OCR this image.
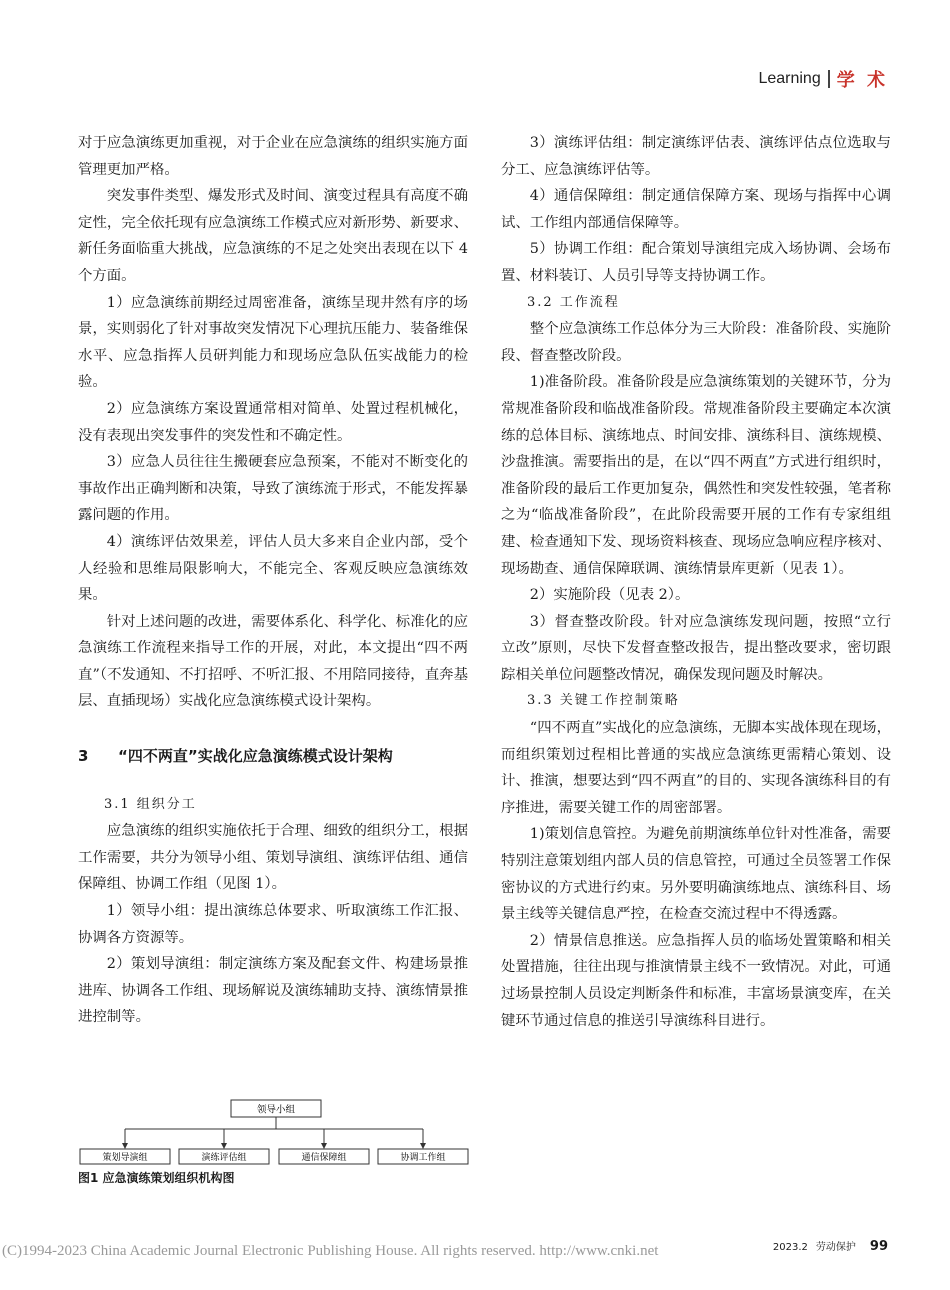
Learning 学 术

对于应急演练更加重视，对于企业在应急演练的组织实施方面管理更加严格。

突发事件类型、爆发形式及时间、演变过程具有高度不确定性，完全依托现有应急演练工作模式应对新形势、新要求、新任务面临重大挑战，应急演练的不足之处突出表现在以下 4 个方面。

1）应急演练前期经过周密准备，演练呈现井然有序的场景，实则弱化了针对事故突发情况下心理抗压能力、装备维保水平、应急指挥人员研判能力和现场应急队伍实战能力的检验。

2）应急演练方案设置通常相对简单、处置过程机械化，没有表现出突发事件的突发性和不确定性。

3）应急人员往往生搬硬套应急预案，不能对不断变化的事故作出正确判断和决策，导致了演练流于形式，不能发挥暴露问题的作用。

4）演练评估效果差，评估人员大多来自企业内部，受个人经验和思维局限影响大，不能完全、客观反映应急演练效果。

针对上述问题的改进，需要体系化、科学化、标准化的应急演练工作流程来指导工作的开展，对此，本文提出“四不两直”（不发通知、不打招呼、不听汇报、不用陪同接待，直奔基层、直插现场）实战化应急演练模式设计架构。

3	“四不两直”实战化应急演练模式设计架构

3.1 组织分工

应急演练的组织实施依托于合理、细致的组织分工，根据工作需要，共分为领导小组、策划导演组、演练评估组、通信保障组、协调工作组（见图 1）。

1）领导小组：提出演练总体要求、听取演练工作汇报、协调各方资源等。

2）策划导演组：制定演练方案及配套文件、构建场景推进库、协调各工作组、现场解说及演练辅助支持、演练情景推进控制等。

领导小组
策划导演组	演练评估组	通信保障组	协调工作组
图1 应急演练策划组织机构图

3）演练评估组：制定演练评估表、演练评估点位选取与分工、应急演练评估等。

4）通信保障组：制定通信保障方案、现场与指挥中心调试、工作组内部通信保障等。

5）协调工作组：配合策划导演组完成入场协调、会场布置、材料装订、人员引导等支持协调工作。

3.2 工作流程

整个应急演练工作总体分为三大阶段：准备阶段、实施阶段、督查整改阶段。

1)准备阶段。准备阶段是应急演练策划的关键环节，分为常规准备阶段和临战准备阶段。常规准备阶段主要确定本次演练的总体目标、演练地点、时间安排、演练科目、演练规模、沙盘推演。需要指出的是，在以“四不两直”方式进行组织时，准备阶段的最后工作更加复杂，偶然性和突发性较强，笔者称之为“临战准备阶段”，在此阶段需要开展的工作有专家组组建、检查通知下发、现场资料核查、现场应急响应程序核对、现场勘查、通信保障联调、演练情景库更新（见表 1）。

2）实施阶段（见表 2）。

3）督查整改阶段。针对应急演练发现问题，按照“立行立改”原则，尽快下发督查整改报告，提出整改要求，密切跟踪相关单位问题整改情况，确保发现问题及时解决。

3.3 关键工作控制策略

“四不两直”实战化的应急演练，无脚本实战体现在现场，而组织策划过程相比普通的实战应急演练更需精心策划、设计、推演，想要达到“四不两直”的目的、实现各演练科目的有序推进，需要关键工作的周密部署。

1)策划信息管控。为避免前期演练单位针对性准备，需要特别注意策划组内部人员的信息管控，可通过全员签署工作保密协议的方式进行约束。另外要明确演练地点、演练科目、场景主线等关键信息严控，在检查交流过程中不得透露。

2）情景信息推送。应急指挥人员的临场处置策略和相关处置措施，往往出现与推演情景主线不一致情况。对此，可通过场景控制人员设定判断条件和标准，丰富场景演变库，在关键环节通过信息的推送引导演练科目进行。

(C)1994-2023 China Academic Journal Electronic Publishing House. All rights reserved. http://www.cnki.net	2023.2 劳动保护 99
